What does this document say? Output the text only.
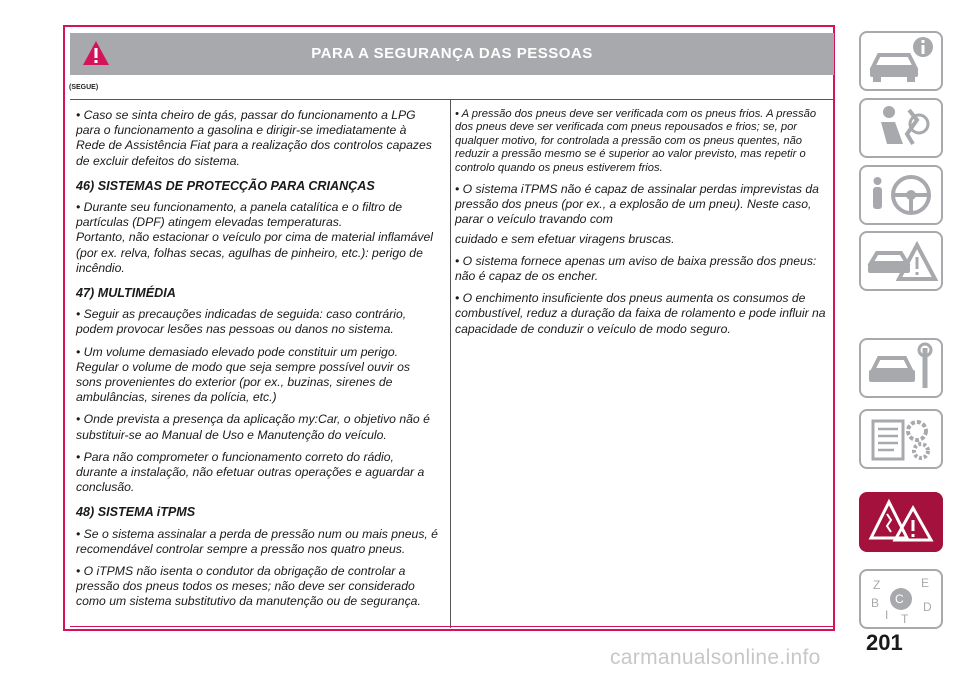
PARA A SEGURANÇA DAS PESSOAS
(SEGUE)

• Caso se sinta cheiro de gás, passar do funcionamento a LPG para o funcionamento a gasolina e dirigir-se imediatamente à Rede de Assistência Fiat para a realização dos controlos capazes de excluir defeitos do sistema.

46) SISTEMAS DE PROTECÇÃO PARA CRIANÇAS

• Durante seu funcionamento, a panela catalítica e o filtro de partículas (DPF) atingem elevadas temperaturas.

Portanto, não estacionar o veículo por cima de material inflamável (por ex. relva, folhas secas, agulhas de pinheiro, etc.): perigo de incêndio.

47) MULTIMÉDIA

• Seguir as precauções indicadas de seguida: caso contrário, podem provocar lesões nas pessoas ou danos no sistema.

• Um volume demasiado elevado pode constituir um perigo. Regular o volume de modo que seja sempre possível ouvir os sons provenientes do exterior (por ex., buzinas, sirenes de ambulâncias, sirenes da polícia, etc.)

• Onde prevista a presença da aplicação my:Car, o objetivo não é substituir-se ao Manual de Uso e Manutenção do veículo.

• Para não comprometer o funcionamento correto do rádio, durante a instalação, não efetuar outras operações e aguardar a conclusão.

48) SISTEMA iTPMS

• Se o sistema assinalar a perda de pressão num ou mais pneus, é recomendável controlar sempre a pressão nos quatro pneus.

• O iTPMS não isenta o condutor da obrigação de controlar a pressão dos pneus todos os meses; não deve ser considerado como um sistema substitutivo da manutenção ou de segurança.

• A pressão dos pneus deve ser verificada com os pneus frios. A pressão dos pneus deve ser verificada com pneus repousados e frios; se, por qualquer motivo, for controlada a pressão com os pneus quentes, não reduzir a pressão mesmo se é superior ao valor previsto, mas repetir o controlo quando os pneus estiverem frios.

• O sistema iTPMS não é capaz de assinalar perdas imprevistas da pressão dos pneus (por ex., a explosão de um pneu). Neste caso, parar o veículo travando com

cuidado e sem efetuar viragens bruscas.

• O sistema fornece apenas um aviso de baixa pressão dos pneus: não é capaz de os encher.

• O enchimento insuficiente dos pneus aumenta os consumos de combustível, reduz a duração da faixa de rolamento e pode influir na capacidade de conduzir o veículo de modo seguro.

Z	E
B C
D
I T
201
carmanualsonline.info
